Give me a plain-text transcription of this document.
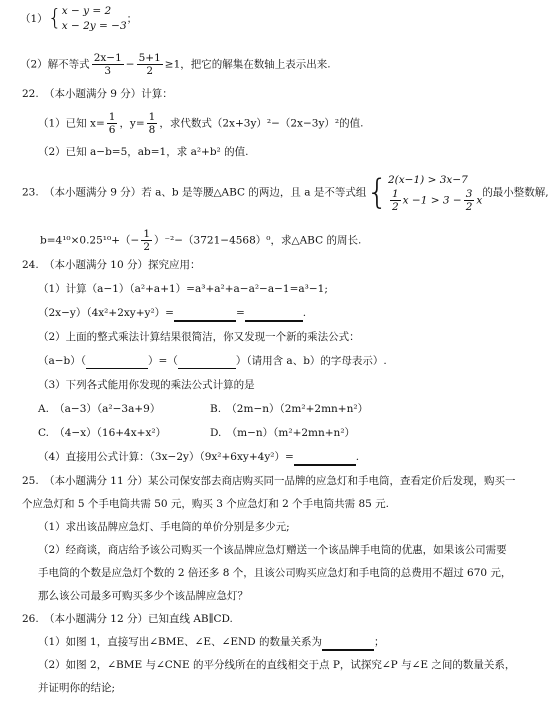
（1）{ x − y = 2
x − 2y = −3
；
（2）解不等式 $\frac{2x-1}{3} - \frac{5+1}{2} \ge 1$，把它的解集在数轴上表示出来.
22.　（本小题满分 9 分）计算：
（1）已知 $x= \frac{1}{6}$ ，$y= \frac{1}{8}$ ，求代数式（2x+3y）²−（2x−3y）²的值.
（2）已知 a−b=5，ab=1，求 a²+b² 的值.
23.　（本小题满分 9 分）若 a、b 是等腰△ABC 的两边，且 a 是不等式组{ 2(x−1) > 3x−7
$\frac{1}{2}$ $x -1 > 3 - \frac{3}{2}$ x
的最小整数解,
$b=4^{10}\times 0.25^{10}+(- \frac{1}{2} )^{-2}-(3721-4568)^0$，求△ABC 的周长.
24.　（本小题满分 10 分）探究应用：
（1）计算（a−1）（a²+a+1）=a³+a²+a−a²−a−1=a³−1;
（2x−y）（4x²+2xy+y²）=	=	.
（2）上面的整式乘法计算结果很简洁，你又发现一个新的乘法公式：
（a−b）（	）=（	）（请用含 a、b）的字母表示）.
（3）下列各式能用你发现的乘法公式计算的是
A.　（a−3）（a²−3a+9）	B.　（2m−n）（2m²+2mn+n²）
C.　（4−x）（16+4x+x²）	D.　（m−n）（m²+2mn+n²）
（4）直接用公式计算：（3x−2y）（9x²+6xy+4y²）=	.
25.　（本小题满分 11 分）某公司保安部去商店购买同一品牌的应急灯和手电筒，查看定价后发现，购买一
个应急灯和 5 个手电筒共需 50 元，购买 3 个应急灯和 2 个手电筒共需 85 元.
（1）求出该品牌应急灯、手电筒的单价分别是多少元;
（2）经商谈，商店给予该公司购买一个该品牌应急灯赠送一个该品牌手电筒的优惠，如果该公司需要
手电筒的个数是应急灯个数的 2 倍还多 8 个，且该公司购买应急灯和手电筒的总费用不超过 670 元，
那么该公司最多可购买多少个该品牌应急灯？
26.　（本小题满分 12 分）已知直线 AB∥CD.
（1）如图 1，直接写出∠BME、∠E、∠END 的数量关系为	；
（2）如图 2，∠BME 与∠CNE 的平分线所在的直线相交于点 P，试探究∠P 与∠E 之间的数量关系，
并证明你的结论;
